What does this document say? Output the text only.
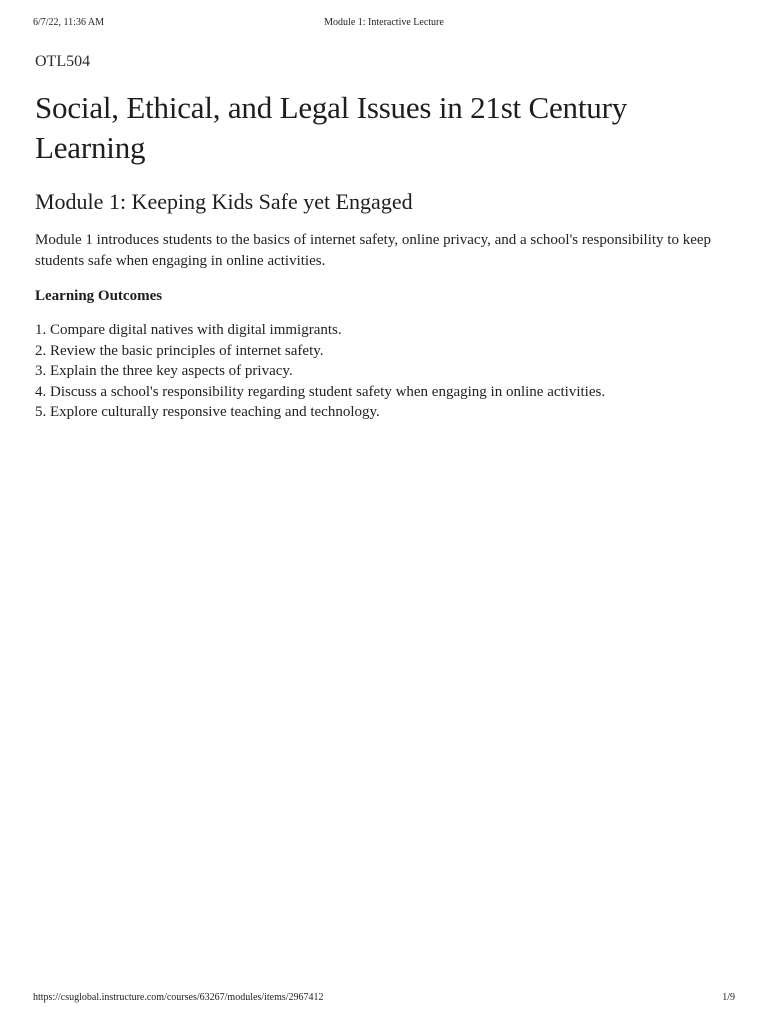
6/7/22, 11:36 AM	Module 1: Interactive Lecture
OTL504
Social, Ethical, and Legal Issues in 21st Century Learning
Module 1: Keeping Kids Safe yet Engaged

Module 1 introduces students to the basics of internet safety, online privacy, and a school's responsibility to keep students safe when engaging in online activities.

Learning Outcomes
1. Compare digital natives with digital immigrants.
2. Review the basic principles of internet safety.
3. Explain the three key aspects of privacy.
4. Discuss a school's responsibility regarding student safety when engaging in online activities.
5. Explore culturally responsive teaching and technology.
https://csuglobal.instructure.com/courses/63267/modules/items/2967412	1/9
